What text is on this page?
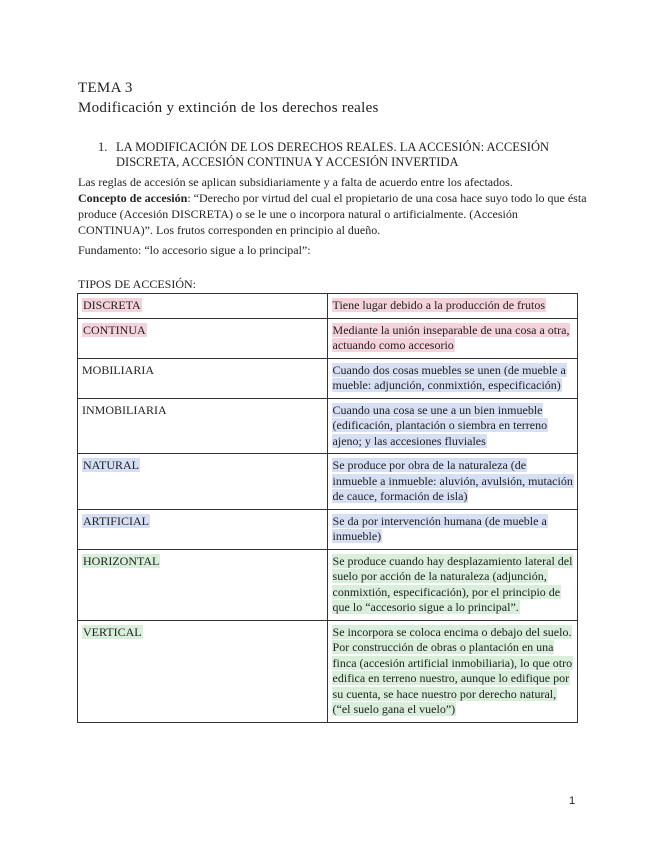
TEMA 3
Modificación y extinción de los derechos reales
1. LA MODIFICACIÓN DE LOS DERECHOS REALES. LA ACCESIÓN: ACCESIÓN DISCRETA, ACCESIÓN CONTINUA Y ACCESIÓN INVERTIDA
Las reglas de accesión se aplican subsidiariamente y a falta de acuerdo entre los afectados.
Concepto de accesión: “Derecho por virtud del cual el propietario de una cosa hace suyo todo lo que ésta produce (Accesión DISCRETA) o se le une o incorpora natural o artificialmente. (Accesión CONTINUA)”. Los frutos corresponden en principio al dueño.
Fundamento: “lo accesorio sigue a lo principal”:
TIPOS DE ACCESIÓN:
DISCRETA	Tiene lugar debido a la producción de frutos
CONTINUA	Mediante la unión inseparable de una cosa a otra, actuando como accesorio
MOBILIARIA	Cuando dos cosas muebles se unen (de mueble a mueble: adjunción, conmixtión, especificación)
INMOBILIARIA	Cuando una cosa se une a un bien inmueble (edificación, plantación o siembra en terreno ajeno; y las accesiones fluviales
NATURAL	Se produce por obra de la naturaleza (de inmueble a inmueble: aluvión, avulsión, mutación de cauce, formación de isla)
ARTIFICIAL	Se da por intervención humana (de mueble a inmueble)
HORIZONTAL	Se produce cuando hay desplazamiento lateral del suelo por acción de la naturaleza (adjunción, conmixtión, especificación), por el principio de que lo “accesorio sigue a lo principal”.
VERTICAL	Se incorpora se coloca encima o debajo del suelo. Por construcción de obras o plantación en una finca (accesión artificial inmobiliaria), lo que otro edifica en terreno nuestro, aunque lo edifique por su cuenta, se hace nuestro por derecho natural, (“el suelo gana el vuelo”)
1
